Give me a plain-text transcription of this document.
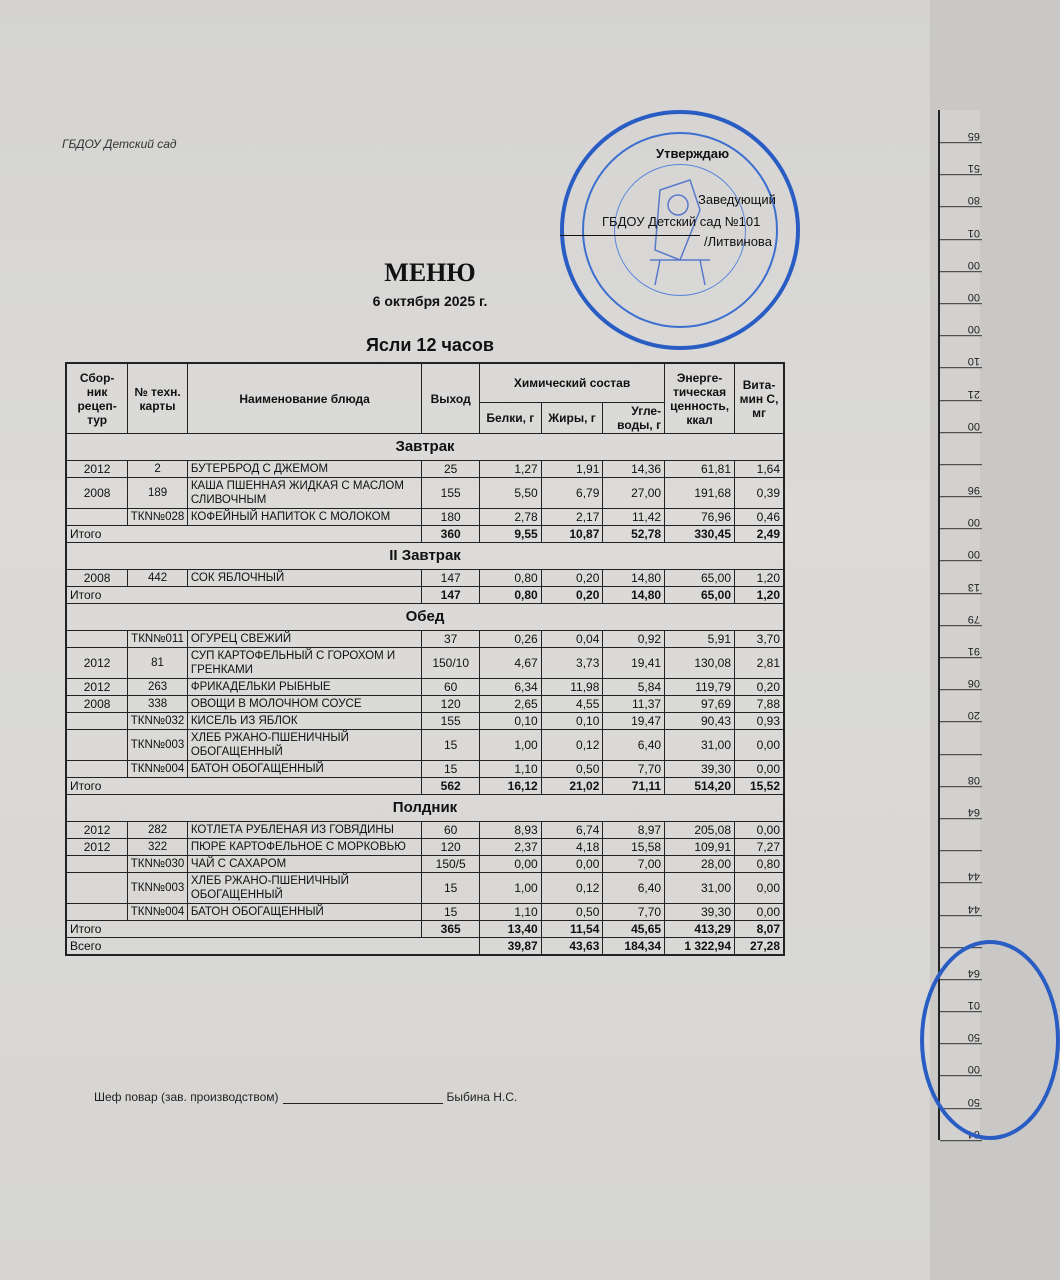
65
51
80
01
00
00
00
10
21
00
96
00
00
13
79
91
06
20
08
64
44
44
64
01
50
00
50
64
ГБДОУ Детский сад
Утверждаю
Заведующий
ГБДОУ Детский сад №101
/Литвинова
МЕНЮ
6 октября 2025 г.
Ясли 12 часов
Сбор-ник рецеп-тур	№ техн. карты	Наименование блюда	Выход	Химический состав			Энерге-тическая ценность, ккал	Вита-мин С, мг
				Белки, г	Жиры, г	Угле-воды, г		
Завтрак								
2012	2	БУТЕРБРОД С ДЖЕМОМ	25	1,27	1,91	14,36	61,81	1,64
2008	189	КАША ПШЕННАЯ ЖИДКАЯ С МАСЛОМ СЛИВОЧНЫМ	155	5,50	6,79	27,00	191,68	0,39
	ТКN№028	КОФЕЙНЫЙ НАПИТОК С МОЛОКОМ	180	2,78	2,17	11,42	76,96	0,46
Итого			360	9,55	10,87	52,78	330,45	2,49
II Завтрак								
2008	442	СОК ЯБЛОЧНЫЙ	147	0,80	0,20	14,80	65,00	1,20
Итого			147	0,80	0,20	14,80	65,00	1,20
Обед								
	ТКN№011	ОГУРЕЦ СВЕЖИЙ	37	0,26	0,04	0,92	5,91	3,70
2012	81	СУП КАРТОФЕЛЬНЫЙ С ГОРОХОМ И ГРЕНКАМИ	150/10	4,67	3,73	19,41	130,08	2,81
2012	263	ФРИКАДЕЛЬКИ РЫБНЫЕ	60	6,34	11,98	5,84	119,79	0,20
2008	338	ОВОЩИ В МОЛОЧНОМ СОУСЕ	120	2,65	4,55	11,37	97,69	7,88
	ТКN№032	КИСЕЛЬ ИЗ ЯБЛОК	155	0,10	0,10	19,47	90,43	0,93
	ТКN№003	ХЛЕБ РЖАНО-ПШЕНИЧНЫЙ ОБОГАЩЕННЫЙ	15	1,00	0,12	6,40	31,00	0,00
	ТКN№004	БАТОН ОБОГАЩЕННЫЙ	15	1,10	0,50	7,70	39,30	0,00
Итого			562	16,12	21,02	71,11	514,20	15,52
Полдник								
2012	282	КОТЛЕТА РУБЛЕНАЯ ИЗ ГОВЯДИНЫ	60	8,93	6,74	8,97	205,08	0,00
2012	322	ПЮРЕ КАРТОФЕЛЬНОЕ С МОРКОВЬЮ	120	2,37	4,18	15,58	109,91	7,27
	ТКN№030	ЧАЙ С САХАРОМ	150/5	0,00	0,00	7,00	28,00	0,80
	ТКN№003	ХЛЕБ РЖАНО-ПШЕНИЧНЫЙ ОБОГАЩЕННЫЙ	15	1,00	0,12	6,40	31,00	0,00
	ТКN№004	БАТОН ОБОГАЩЕННЫЙ	15	1,10	0,50	7,70	39,30	0,00
Итого			365	13,40	11,54	45,65	413,29	8,07
Всего				39,87	43,63	184,34	1 322,94	27,28
Шеф повар (зав. производством)	Быбина Н.С.
